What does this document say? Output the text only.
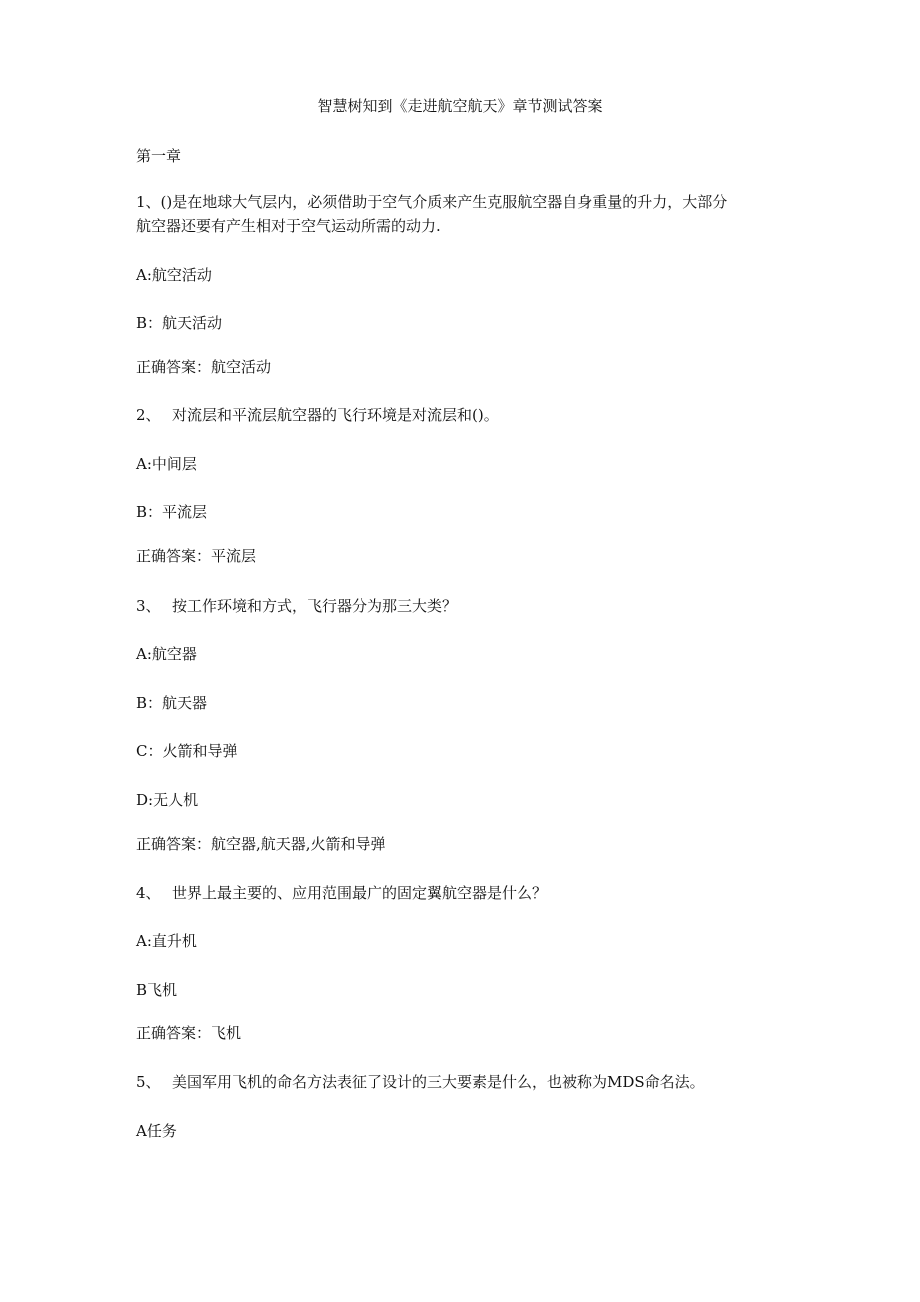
智慧树知到《走进航空航天》章节测试答案
第一章
1、()是在地球大气层内，必须借助于空气介质来产生克服航空器自身重量的升力，大部分
航空器还要有产生相对于空气运动所需的动力.
A:航空活动
B：航天活动
正确答案：航空活动
2、 对流层和平流层航空器的飞行环境是对流层和()。
A:中间层
B：平流层
正确答案：平流层
3、 按工作环境和方式，飞行器分为那三大类？
A:航空器
B：航天器
C：火箭和导弹
D:无人机
正确答案：航空器,航天器,火箭和导弹
4、 世界上最主要的、应用范围最广的固定翼航空器是什么？
A:直升机
B飞机
正确答案：飞机
5、 美国军用飞机的命名方法表征了设计的三大要素是什么，也被称为MDS命名法。
A任务
